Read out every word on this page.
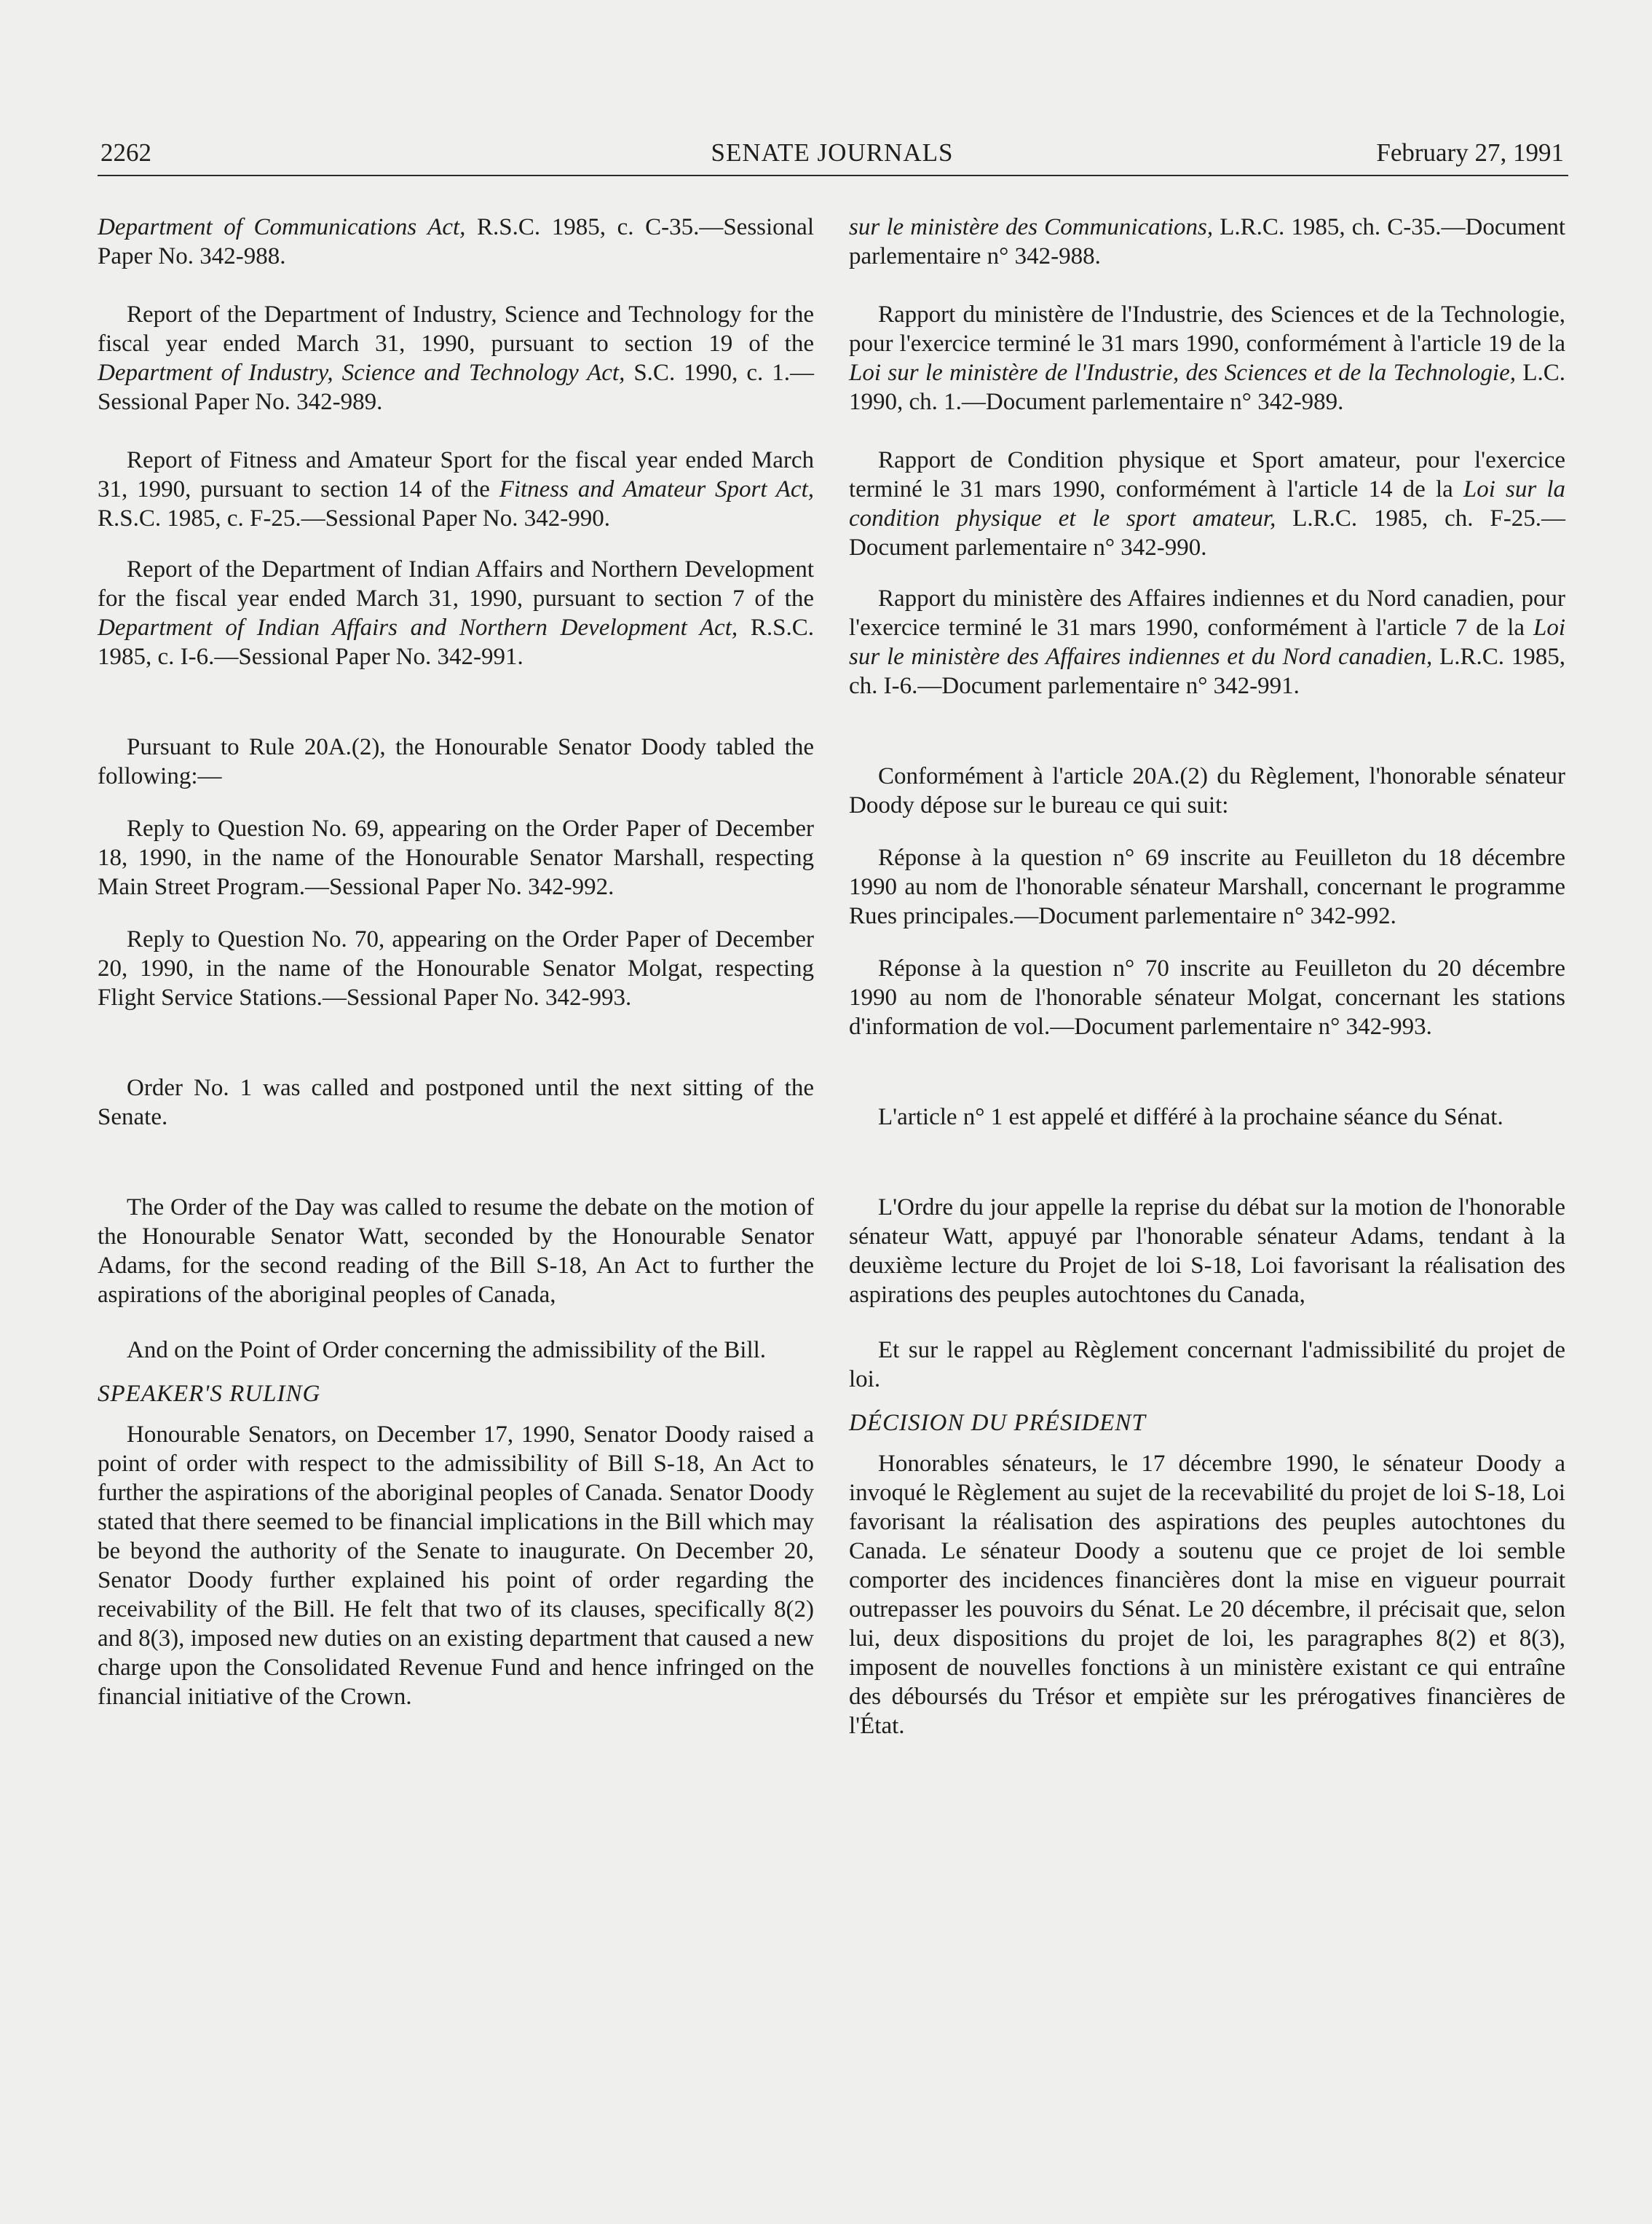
2262	SENATE JOURNALS	February 27, 1991

Department of Communications Act, R.S.C. 1985, c. C-35.—Sessional Paper No. 342-988.

Report of the Department of Industry, Science and Technology for the fiscal year ended March 31, 1990, pursuant to section 19 of the Department of Industry, Science and Technology Act, S.C. 1990, c. 1.—Sessional Paper No. 342-989.

Report of Fitness and Amateur Sport for the fiscal year ended March 31, 1990, pursuant to section 14 of the Fitness and Amateur Sport Act, R.S.C. 1985, c. F-25.—Sessional Paper No. 342-990.

Report of the Department of Indian Affairs and Northern Development for the fiscal year ended March 31, 1990, pursuant to section 7 of the Department of Indian Affairs and Northern Development Act, R.S.C. 1985, c. I-6.—Sessional Paper No. 342-991.

Pursuant to Rule 20A.(2), the Honourable Senator Doody tabled the following:—

Reply to Question No. 69, appearing on the Order Paper of December 18, 1990, in the name of the Honourable Senator Marshall, respecting Main Street Program.—Sessional Paper No. 342-992.

Reply to Question No. 70, appearing on the Order Paper of December 20, 1990, in the name of the Honourable Senator Molgat, respecting Flight Service Stations.—Sessional Paper No. 342-993.

Order No. 1 was called and postponed until the next sitting of the Senate.

The Order of the Day was called to resume the debate on the motion of the Honourable Senator Watt, seconded by the Honourable Senator Adams, for the second reading of the Bill S-18, An Act to further the aspirations of the aboriginal peoples of Canada,

And on the Point of Order concerning the admissibility of the Bill.

SPEAKER'S RULING

Honourable Senators, on December 17, 1990, Senator Doody raised a point of order with respect to the admissibility of Bill S-18, An Act to further the aspirations of the aboriginal peoples of Canada. Senator Doody stated that there seemed to be financial implications in the Bill which may be beyond the authority of the Senate to inaugurate. On December 20, Senator Doody further explained his point of order regarding the receivability of the Bill. He felt that two of its clauses, specifically 8(2) and 8(3), imposed new duties on an existing department that caused a new charge upon the Consolidated Revenue Fund and hence infringed on the financial initiative of the Crown.

sur le ministère des Communications, L.R.C. 1985, ch. C-35.—Document parlementaire n° 342-988.

Rapport du ministère de l'Industrie, des Sciences et de la Technologie, pour l'exercice terminé le 31 mars 1990, conformément à l'article 19 de la Loi sur le ministère de l'Industrie, des Sciences et de la Technologie, L.C. 1990, ch. 1.—Document parlementaire n° 342-989.

Rapport de Condition physique et Sport amateur, pour l'exercice terminé le 31 mars 1990, conformément à l'article 14 de la Loi sur la condition physique et le sport amateur, L.R.C. 1985, ch. F-25.—Document parlementaire n° 342-990.

Rapport du ministère des Affaires indiennes et du Nord canadien, pour l'exercice terminé le 31 mars 1990, conformément à l'article 7 de la Loi sur le ministère des Affaires indiennes et du Nord canadien, L.R.C. 1985, ch. I-6.—Document parlementaire n° 342-991.

Conformément à l'article 20A.(2) du Règlement, l'honorable sénateur Doody dépose sur le bureau ce qui suit:

Réponse à la question n° 69 inscrite au Feuilleton du 18 décembre 1990 au nom de l'honorable sénateur Marshall, concernant le programme Rues principales.—Document parlementaire n° 342-992.

Réponse à la question n° 70 inscrite au Feuilleton du 20 décembre 1990 au nom de l'honorable sénateur Molgat, concernant les stations d'information de vol.—Document parlementaire n° 342-993.

L'article n° 1 est appelé et différé à la prochaine séance du Sénat.

L'Ordre du jour appelle la reprise du débat sur la motion de l'honorable sénateur Watt, appuyé par l'honorable sénateur Adams, tendant à la deuxième lecture du Projet de loi S-18, Loi favorisant la réalisation des aspirations des peuples autochtones du Canada,

Et sur le rappel au Règlement concernant l'admissibilité du projet de loi.

DÉCISION DU PRÉSIDENT

Honorables sénateurs, le 17 décembre 1990, le sénateur Doody a invoqué le Règlement au sujet de la recevabilité du projet de loi S-18, Loi favorisant la réalisation des aspirations des peuples autochtones du Canada. Le sénateur Doody a soutenu que ce projet de loi semble comporter des incidences financières dont la mise en vigueur pourrait outrepasser les pouvoirs du Sénat. Le 20 décembre, il précisait que, selon lui, deux dispositions du projet de loi, les paragraphes 8(2) et 8(3), imposent de nouvelles fonctions à un ministère existant ce qui entraîne des déboursés du Trésor et empiète sur les prérogatives financières de l'État.
